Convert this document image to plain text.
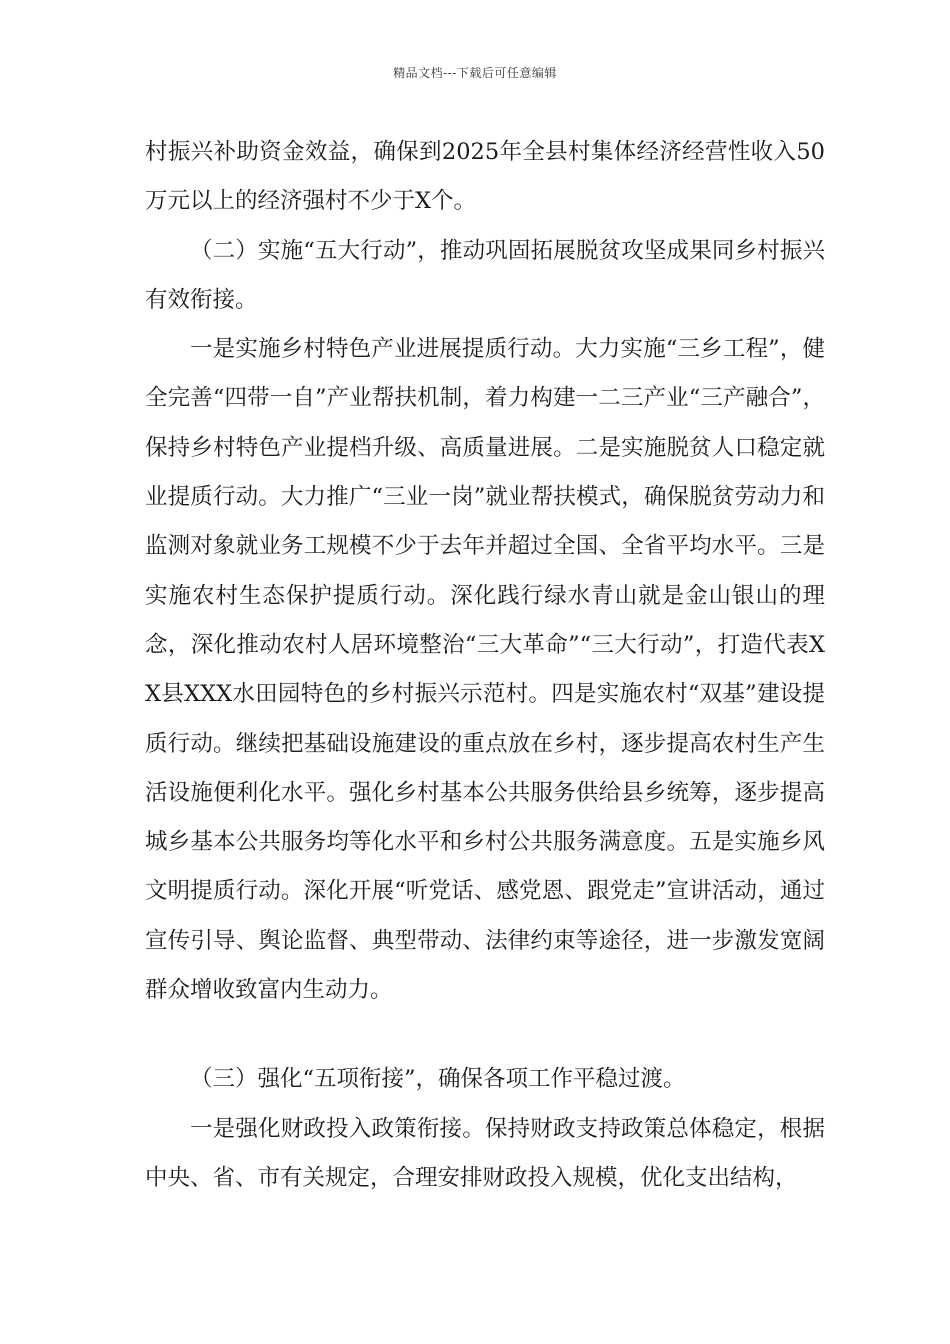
精品文档---下载后可任意编辑

村振兴补助资金效益，确保到2025年全县村集体经济经营性收入50万元以上的经济强村不少于X个。

（二）实施“五大行动”，推动巩固拓展脱贫攻坚成果同乡村振兴有效衔接。

一是实施乡村特色产业进展提质行动。大力实施“三乡工程”，健全完善“四带一自”产业帮扶机制，着力构建一二三产业“三产融合”，保持乡村特色产业提档升级、高质量进展。二是实施脱贫人口稳定就业提质行动。大力推广“三业一岗”就业帮扶模式，确保脱贫劳动力和监测对象就业务工规模不少于去年并超过全国、全省平均水平。三是实施农村生态保护提质行动。深化践行绿水青山就是金山银山的理念，深化推动农村人居环境整治“三大革命”“三大行动”，打造代表XX县XXX水田园特色的乡村振兴示范村。四是实施农村“双基”建设提质行动。继续把基础设施建设的重点放在乡村，逐步提高农村生产生活设施便利化水平。强化乡村基本公共服务供给县乡统筹，逐步提高城乡基本公共服务均等化水平和乡村公共服务满意度。五是实施乡风文明提质行动。深化开展“听党话、感党恩、跟党走”宣讲活动，通过宣传引导、舆论监督、典型带动、法律约束等途径，进一步激发宽阔群众增收致富内生动力。

（三）强化“五项衔接”，确保各项工作平稳过渡。

一是强化财政投入政策衔接。保持财政支持政策总体稳定，根据中央、省、市有关规定，合理安排财政投入规模，优化支出结构，
